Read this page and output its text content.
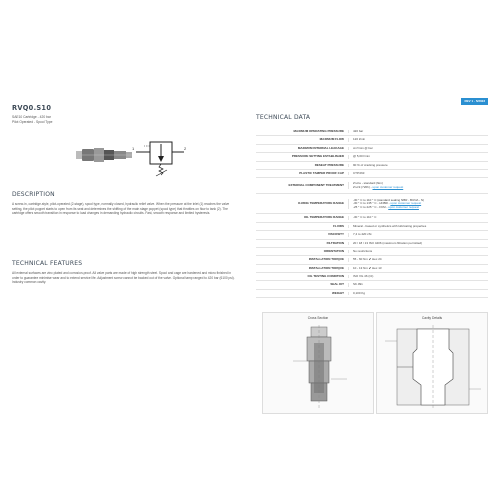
RVQ0.S10
SAE10 Cartridge - 420 bar
Pilot Operated - Spool Type
1	2
DESCRIPTION
A screw-in, cartridge-style, pilot-operated (2-stage), spool type, normally closed, hydraulic relief valve. When the pressure at the inlet (1) reaches the valve setting, the pilot poppet starts to open from its seat and determines the shifting of the main stage poppet (spool type) that throttles on flow to tank (2). The cartridge offers smooth transition in response to load changes in demanding hydraulic circuits. Fast, smooth response and limited hysteresis.
TECHNICAL FEATURES
All external surfaces are zinc plated and corrosion-proof. All valve parts are made of high strength steel. Spool and cage are hardened and micro finished in order to guarantee minimise wear and to extend service life. Adjustment screw cannot be backed out of the valve. Optional tamp ranged to 420 bar (6100 psi). Industry common cavity.
REV 1 - 5/2023
TECHNICAL DATA
MAXIMUM OPERATING PRESSURE	420 bar
MAXIMUM FLOW	120 l/min
MAXIMUM INTERNAL LEAKAGE	cm³/min @ bar
PRESSURE SETTING ESTABLISHED	@ 5,00 l/min
RESEAT PRESSURE	90 % of cracking pressure
PLASTIC TAMPER PROOF CAP	CTP.063
EXTERNAL COMPONENT TREATMENT	Zn-Fe - standard (fkm)
Zn-Ni (720h) - upon customer request
O-RING TEMPERATURE RANGE
-30 ° C to 110 ° C (standard sealing NBR - BUNA - N)
-30 ° C to 135 ° C - HNBR - upon customer request
-25 ° C to 225 ° C - FKM - upon customer request
OIL TEMPERATURE RANGE	-30 ° C to 110 ° C
FLUIDS	Mineral - based or synthetics with lubricating properties
VISCOSITY	7,4 to 420 cSt
FILTRATION	20 / 18 / 13 ISO 4406 (maximum filtration permitted)
ORIENTATION	No restrictions
INSTALLATION TORQUE	55 - 60 Nm ⬈ Hex 24
INSTALLATION TORQUE	10 - 13 Nm ⬈ Hex 13
OIL TESTING CONDITION	ISO VG 46 (Ct)
SEAL KIT	SK.091
WEIGHT	0,100 Kg
Cross Section	Cavity Details
